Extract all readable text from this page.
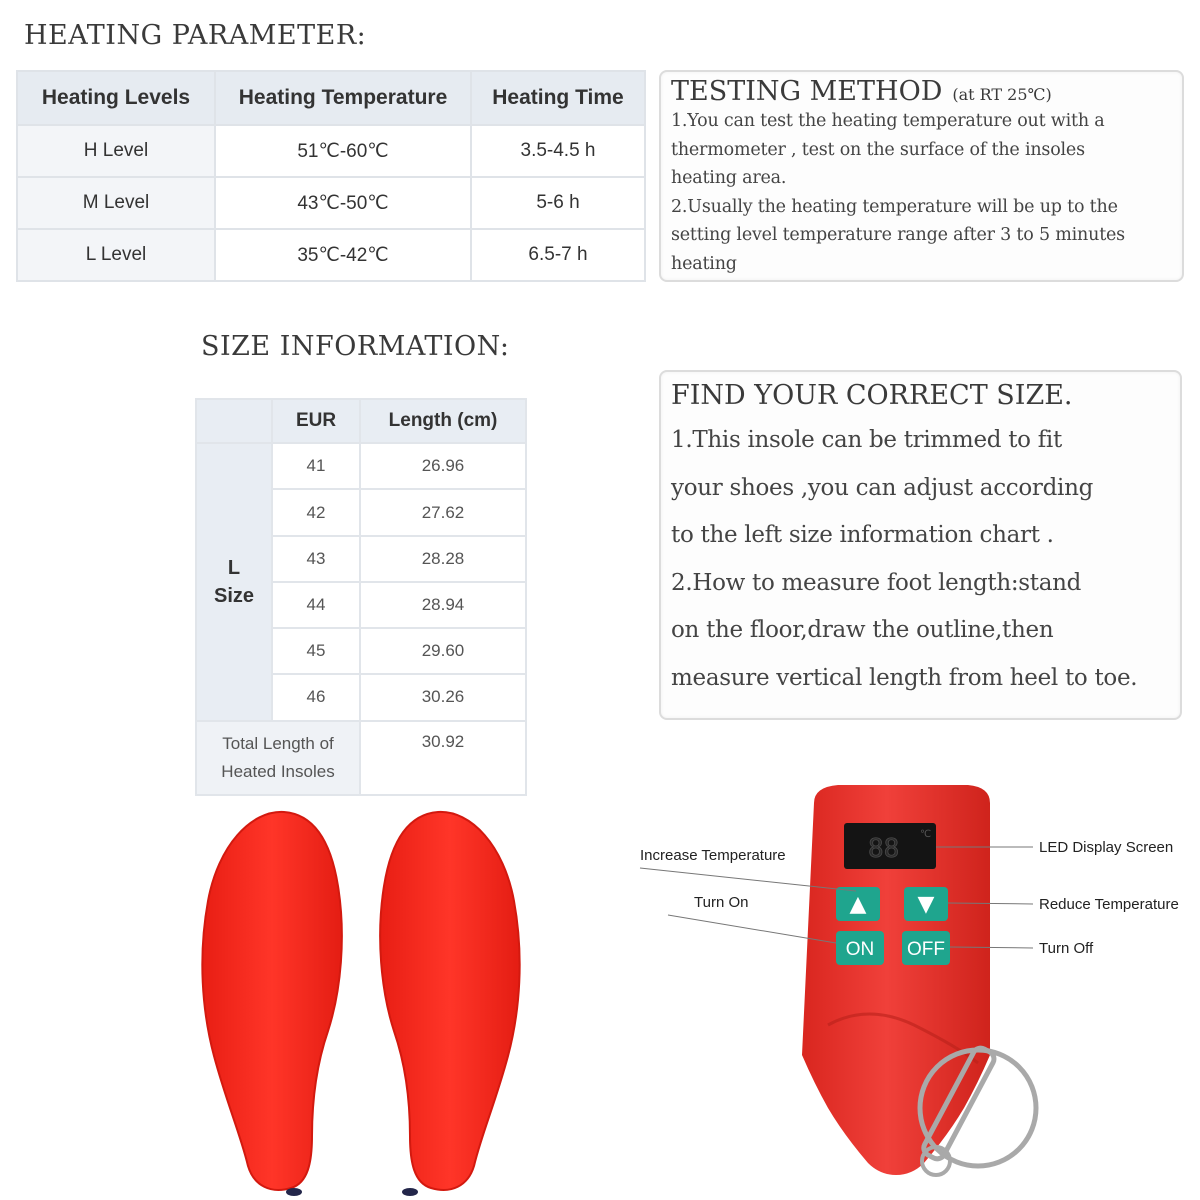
HEATING PARAMETER:
Heating Levels	Heating Temperature	Heating Time
H Level	51℃-60℃	3.5-4.5 h
M Level	43℃-50℃	5-6 h
L Level	35℃-42℃	6.5-7 h
TESTING METHOD (at RT 25℃)

1.You can test the heating temperature out with a

thermometer , test on the surface of the insoles

heating area.

2.Usually the heating temperature will be up to the

setting level temperature range after 3 to 5 minutes

heating

SIZE INFORMATION:
	EUR	Length (cm)
L
Size	41	26.96
	42	27.62
	43	28.28
	44	28.94
	45	29.60
	46	30.26
Total Length of
Heated Insoles		30.92
FIND YOUR CORRECT SIZE.

1.This insole can be trimmed to fit

your shoes ,you can adjust according

to the left size information chart .

2.How to measure foot length:stand

on the floor,draw the outline,then

measure vertical length from heel to toe.

88 ℃
▲ ▼
ON OFF
Increase Temperature
Turn On
LED Display Screen
Reduce Temperature
Turn Off
